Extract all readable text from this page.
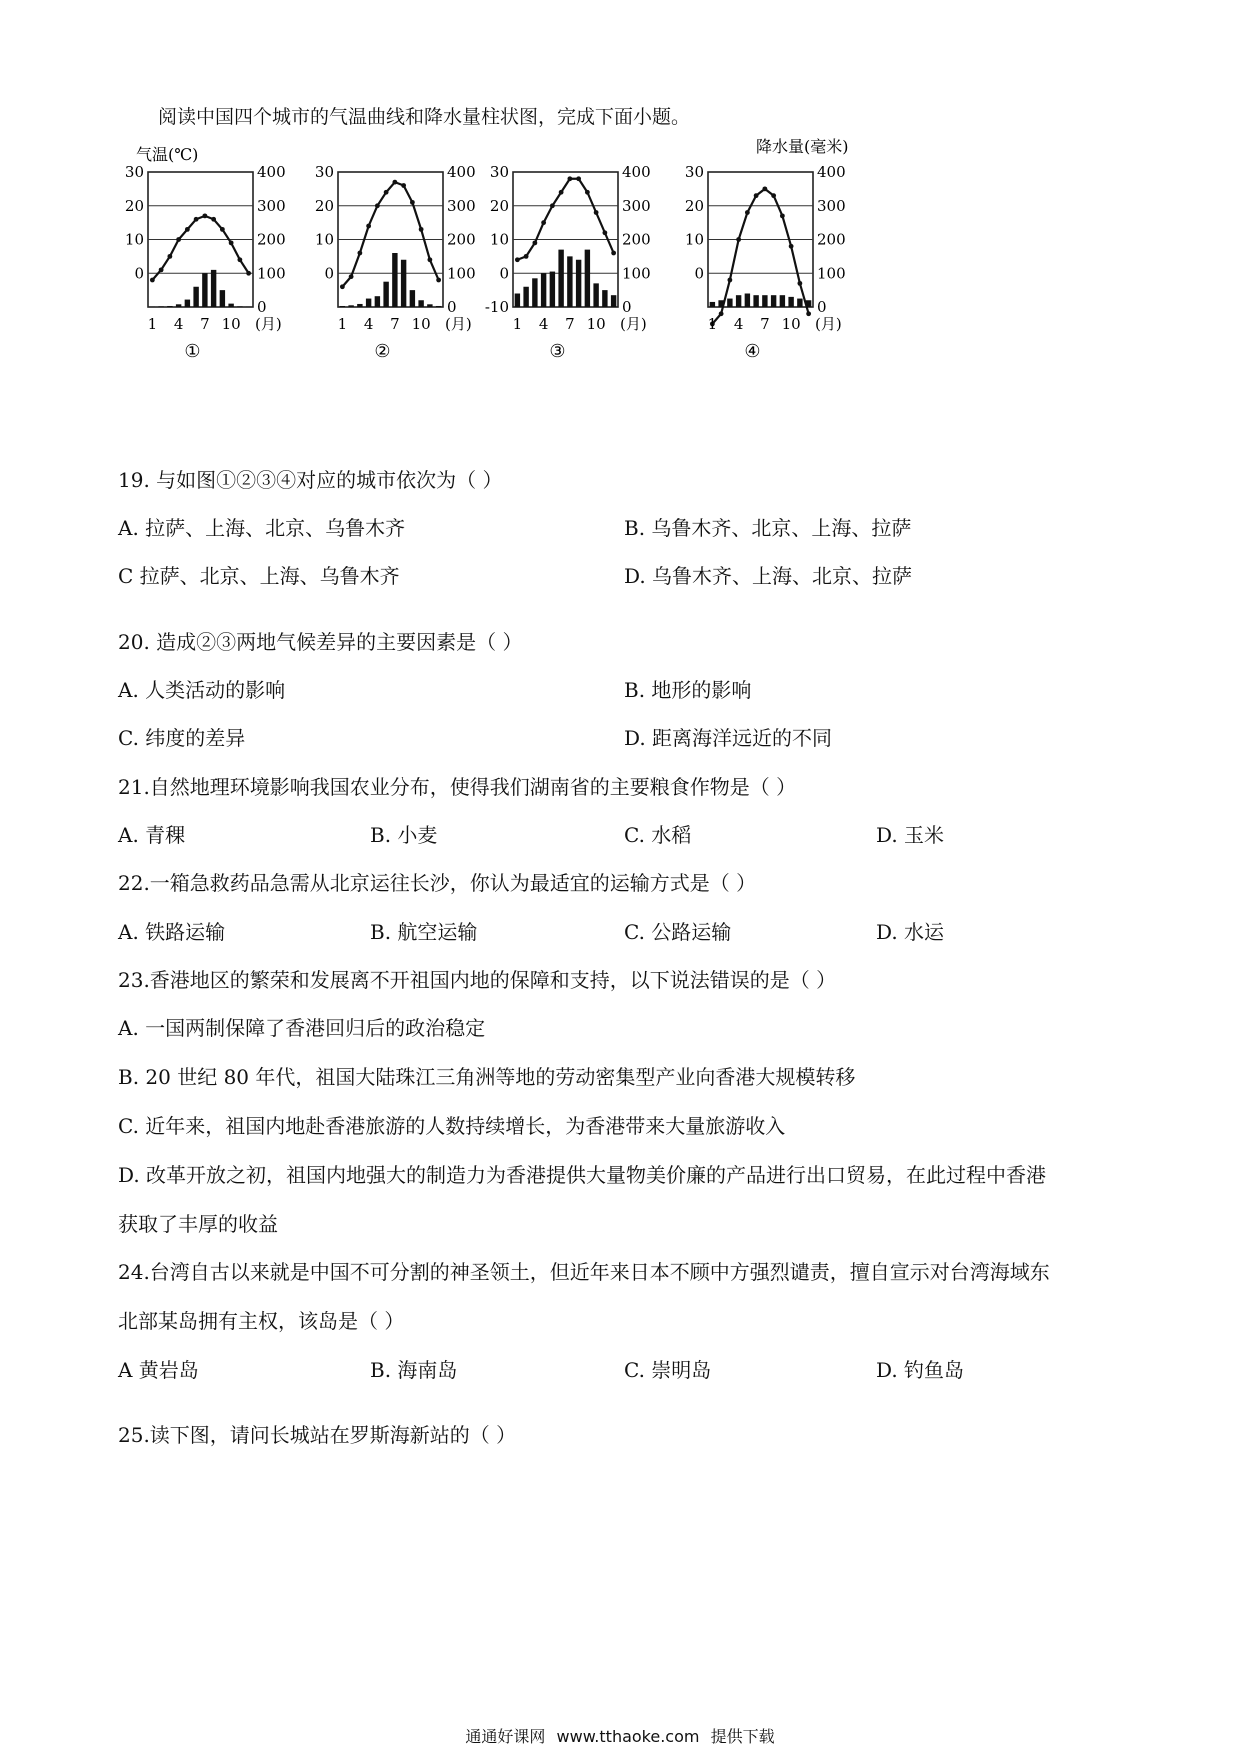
阅读中国四个城市的气温曲线和降水量柱状图，完成下面小题。
30
20
10
0
400
300
200
100
0
1 4 7 10 (月)
①
30
20
10
0
400
300
200
100
0
1 4 7 10 (月)
②
30
20
10
0
-10
400
300
200
100
0
1 4 7 10 (月)
③
30
20
10
0
400
300
200
100
0
1 4 7 10 (月)
④
气温(℃)	降水量(毫米)
19. 与如图①②③④对应的城市依次为（ ）
A. 拉萨、上海、北京、乌鲁木齐	B. 乌鲁木齐、北京、上海、拉萨
C 拉萨、北京、上海、乌鲁木齐	D. 乌鲁木齐、上海、北京、拉萨
20. 造成②③两地气候差异的主要因素是（ ）
A. 人类活动的影响	B. 地形的影响
C. 纬度的差异	D. 距离海洋远近的不同
21.自然地理环境影响我国农业分布，使得我们湖南省的主要粮食作物是（ ）
A. 青稞	B. 小麦	C. 水稻	D. 玉米
22.一箱急救药品急需从北京运往长沙，你认为最适宜的运输方式是（ ）
A. 铁路运输	B. 航空运输	C. 公路运输	D. 水运
23.香港地区的繁荣和发展离不开祖国内地的保障和支持，以下说法错误的是（ ）
A. 一国两制保障了香港回归后的政治稳定
B. 20 世纪 80 年代，祖国大陆珠江三角洲等地的劳动密集型产业向香港大规模转移
C. 近年来，祖国内地赴香港旅游的人数持续增长，为香港带来大量旅游收入
D. 改革开放之初，祖国内地强大的制造力为香港提供大量物美价廉的产品进行出口贸易，在此过程中香港
获取了丰厚的收益
24.台湾自古以来就是中国不可分割的神圣领土，但近年来日本不顾中方强烈谴责，擅自宣示对台湾海域东
北部某岛拥有主权，该岛是（ ）
A 黄岩岛	B. 海南岛	C. 崇明岛	D. 钓鱼岛
25.读下图，请问长城站在罗斯海新站的（ ）
通通好课网 www.tthaoke.com 提供下载
